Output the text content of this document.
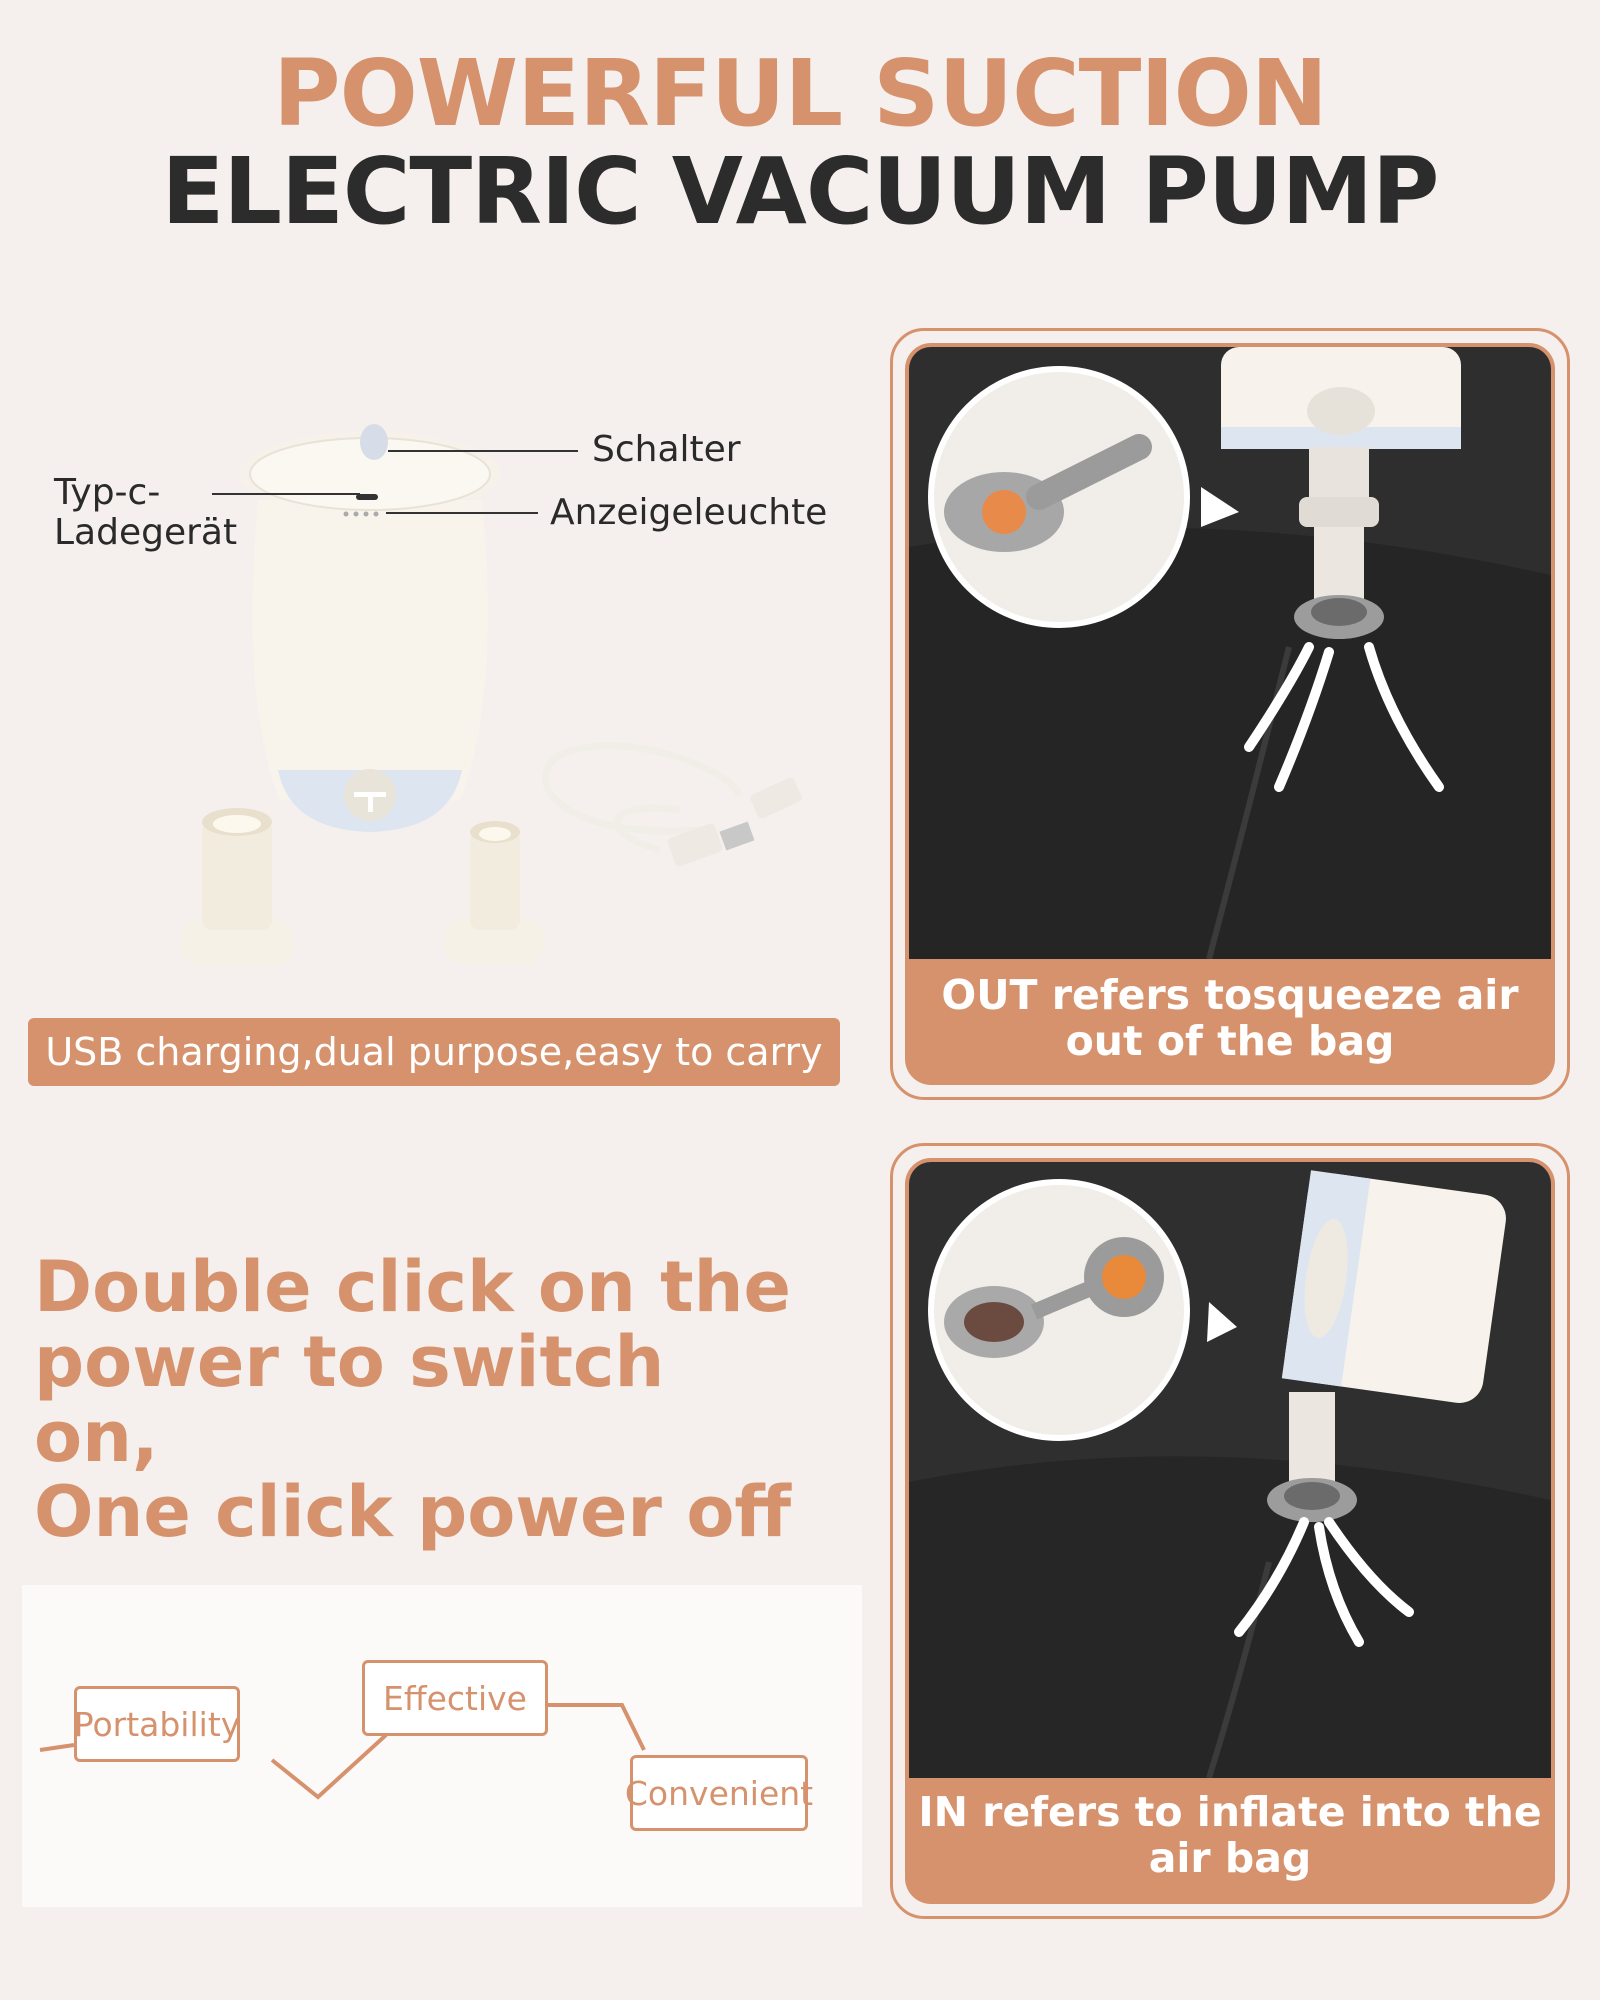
POWERFUL SUCTION
ELECTRIC VACUUM PUMP
Schalter
Typ-c-
Ladegerät	Anzeigeleuchte
USB charging,dual purpose,easy to carry
OUT refers tosqueeze air
out of the bag
Double click on the
power to switch on,
One click power off
IN refers to inflate into the
air bag
Portability
Effective
Convenient
